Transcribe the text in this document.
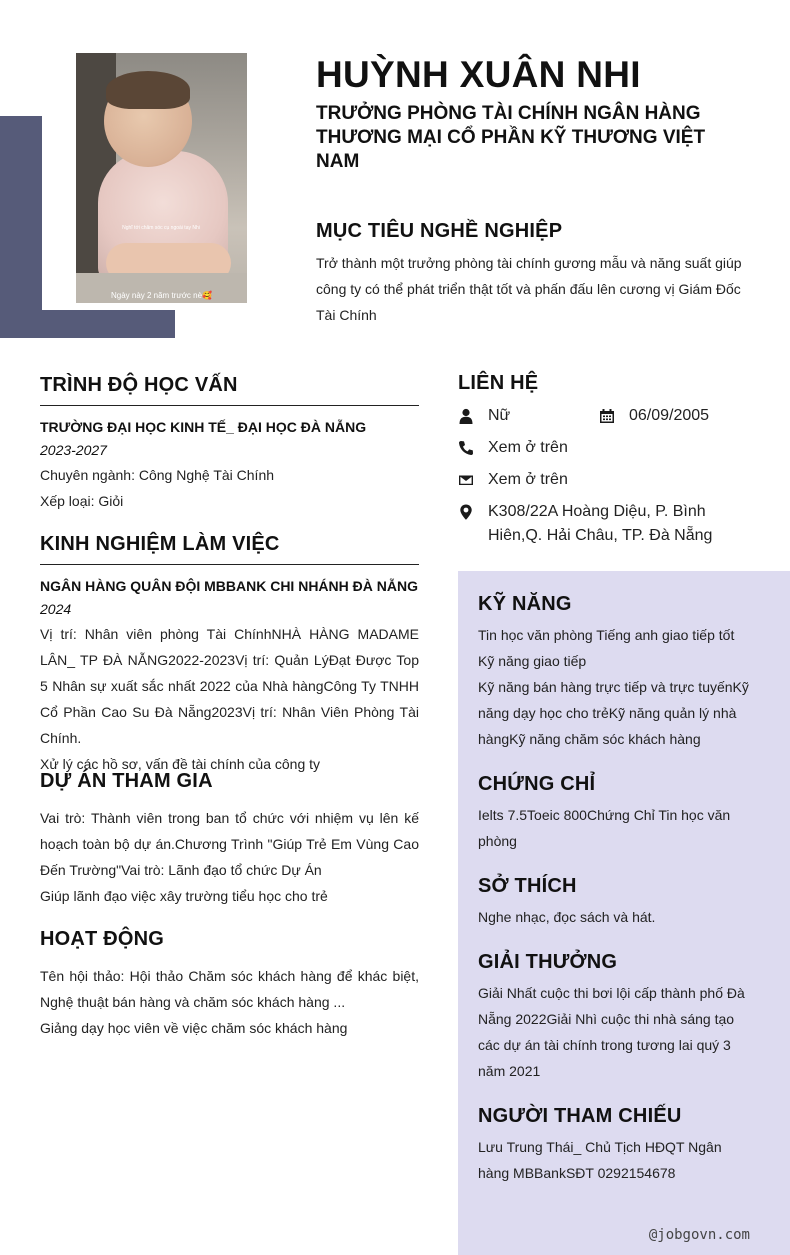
Nghĩ tới chăm sóc cụ ngoài tay Nhi
Ngày này 2 năm trước nè🥰
HUỲNH XUÂN NHI
TRƯỞNG PHÒNG TÀI CHÍNH NGÂN HÀNG THƯƠNG MẠI CỔ PHẦN KỸ THƯƠNG VIỆT NAM
MỤC TIÊU NGHỀ NGHIỆP
Trở thành một trưởng phòng tài chính gương mẫu và năng suất giúp công ty có thể phát triển thật tốt và phấn đấu lên cương vị Giám Đốc Tài Chính
TRÌNH ĐỘ HỌC VẤN
TRƯỜNG ĐẠI HỌC KINH TẾ_ ĐẠI HỌC ĐÀ NẴNG
2023-2027
Chuyên ngành: Công Nghệ Tài Chính
Xếp loại: Giỏi
KINH NGHIỆM LÀM VIỆC
NGÂN HÀNG QUÂN ĐỘI MBBANK CHI NHÁNH ĐÀ NẴNG
2024
Vị trí: Nhân viên phòng Tài ChínhNHÀ HÀNG MADAME LÂN_ TP ĐÀ NẴNG2022-2023Vị trí: Quản LýĐạt Được Top 5 Nhân sự xuất sắc nhất 2022 của Nhà hàngCông Ty TNHH Cổ Phần Cao Su Đà Nẵng2023Vị trí: Nhân Viên Phòng Tài Chính.
Xử lý các hồ sơ, vấn đề tài chính của công ty
DỰ ÁN THAM GIA
Vai trò: Thành viên trong ban tổ chức với nhiệm vụ lên kế hoạch toàn bộ dự án.Chương Trình "Giúp Trẻ Em Vùng Cao Đến Trường"Vai trò: Lãnh đạo tổ chức Dự Án
Giúp lãnh đạo việc xây trường tiểu học cho trẻ
HOẠT ĐỘNG
Tên hội thảo: Hội thảo Chăm sóc khách hàng để khác biệt, Nghệ thuật bán hàng và chăm sóc khách hàng ...
Giảng dạy học viên về việc chăm sóc khách hàng
LIÊN HỆ
Nữ	06/09/2005
Xem ở trên
Xem ở trên
K308/22A Hoàng Diệu, P. Bình Hiên,Q. Hải Châu, TP. Đà Nẵng
KỸ NĂNG
Tin học văn phòng Tiếng anh giao tiếp tốt Kỹ năng giao tiếp
Kỹ năng bán hàng trực tiếp và trực tuyếnKỹ năng dạy học cho trẻKỹ năng quản lý nhà hàngKỹ năng chăm sóc khách hàng
CHỨNG CHỈ
Ielts 7.5Toeic 800Chứng Chỉ Tin học văn phòng
SỞ THÍCH
Nghe nhạc, đọc sách và hát.
GIẢI THƯỞNG
Giải Nhất cuộc thi bơi lội cấp thành phố Đà Nẵng 2022Giải Nhì cuộc thi nhà sáng tạo các dự án tài chính trong tương lai quý 3 năm 2021
NGƯỜI THAM CHIẾU
Lưu Trung Thái_ Chủ Tịch HĐQT Ngân hàng MBBankSĐT 0292154678
@jobgovn.com
